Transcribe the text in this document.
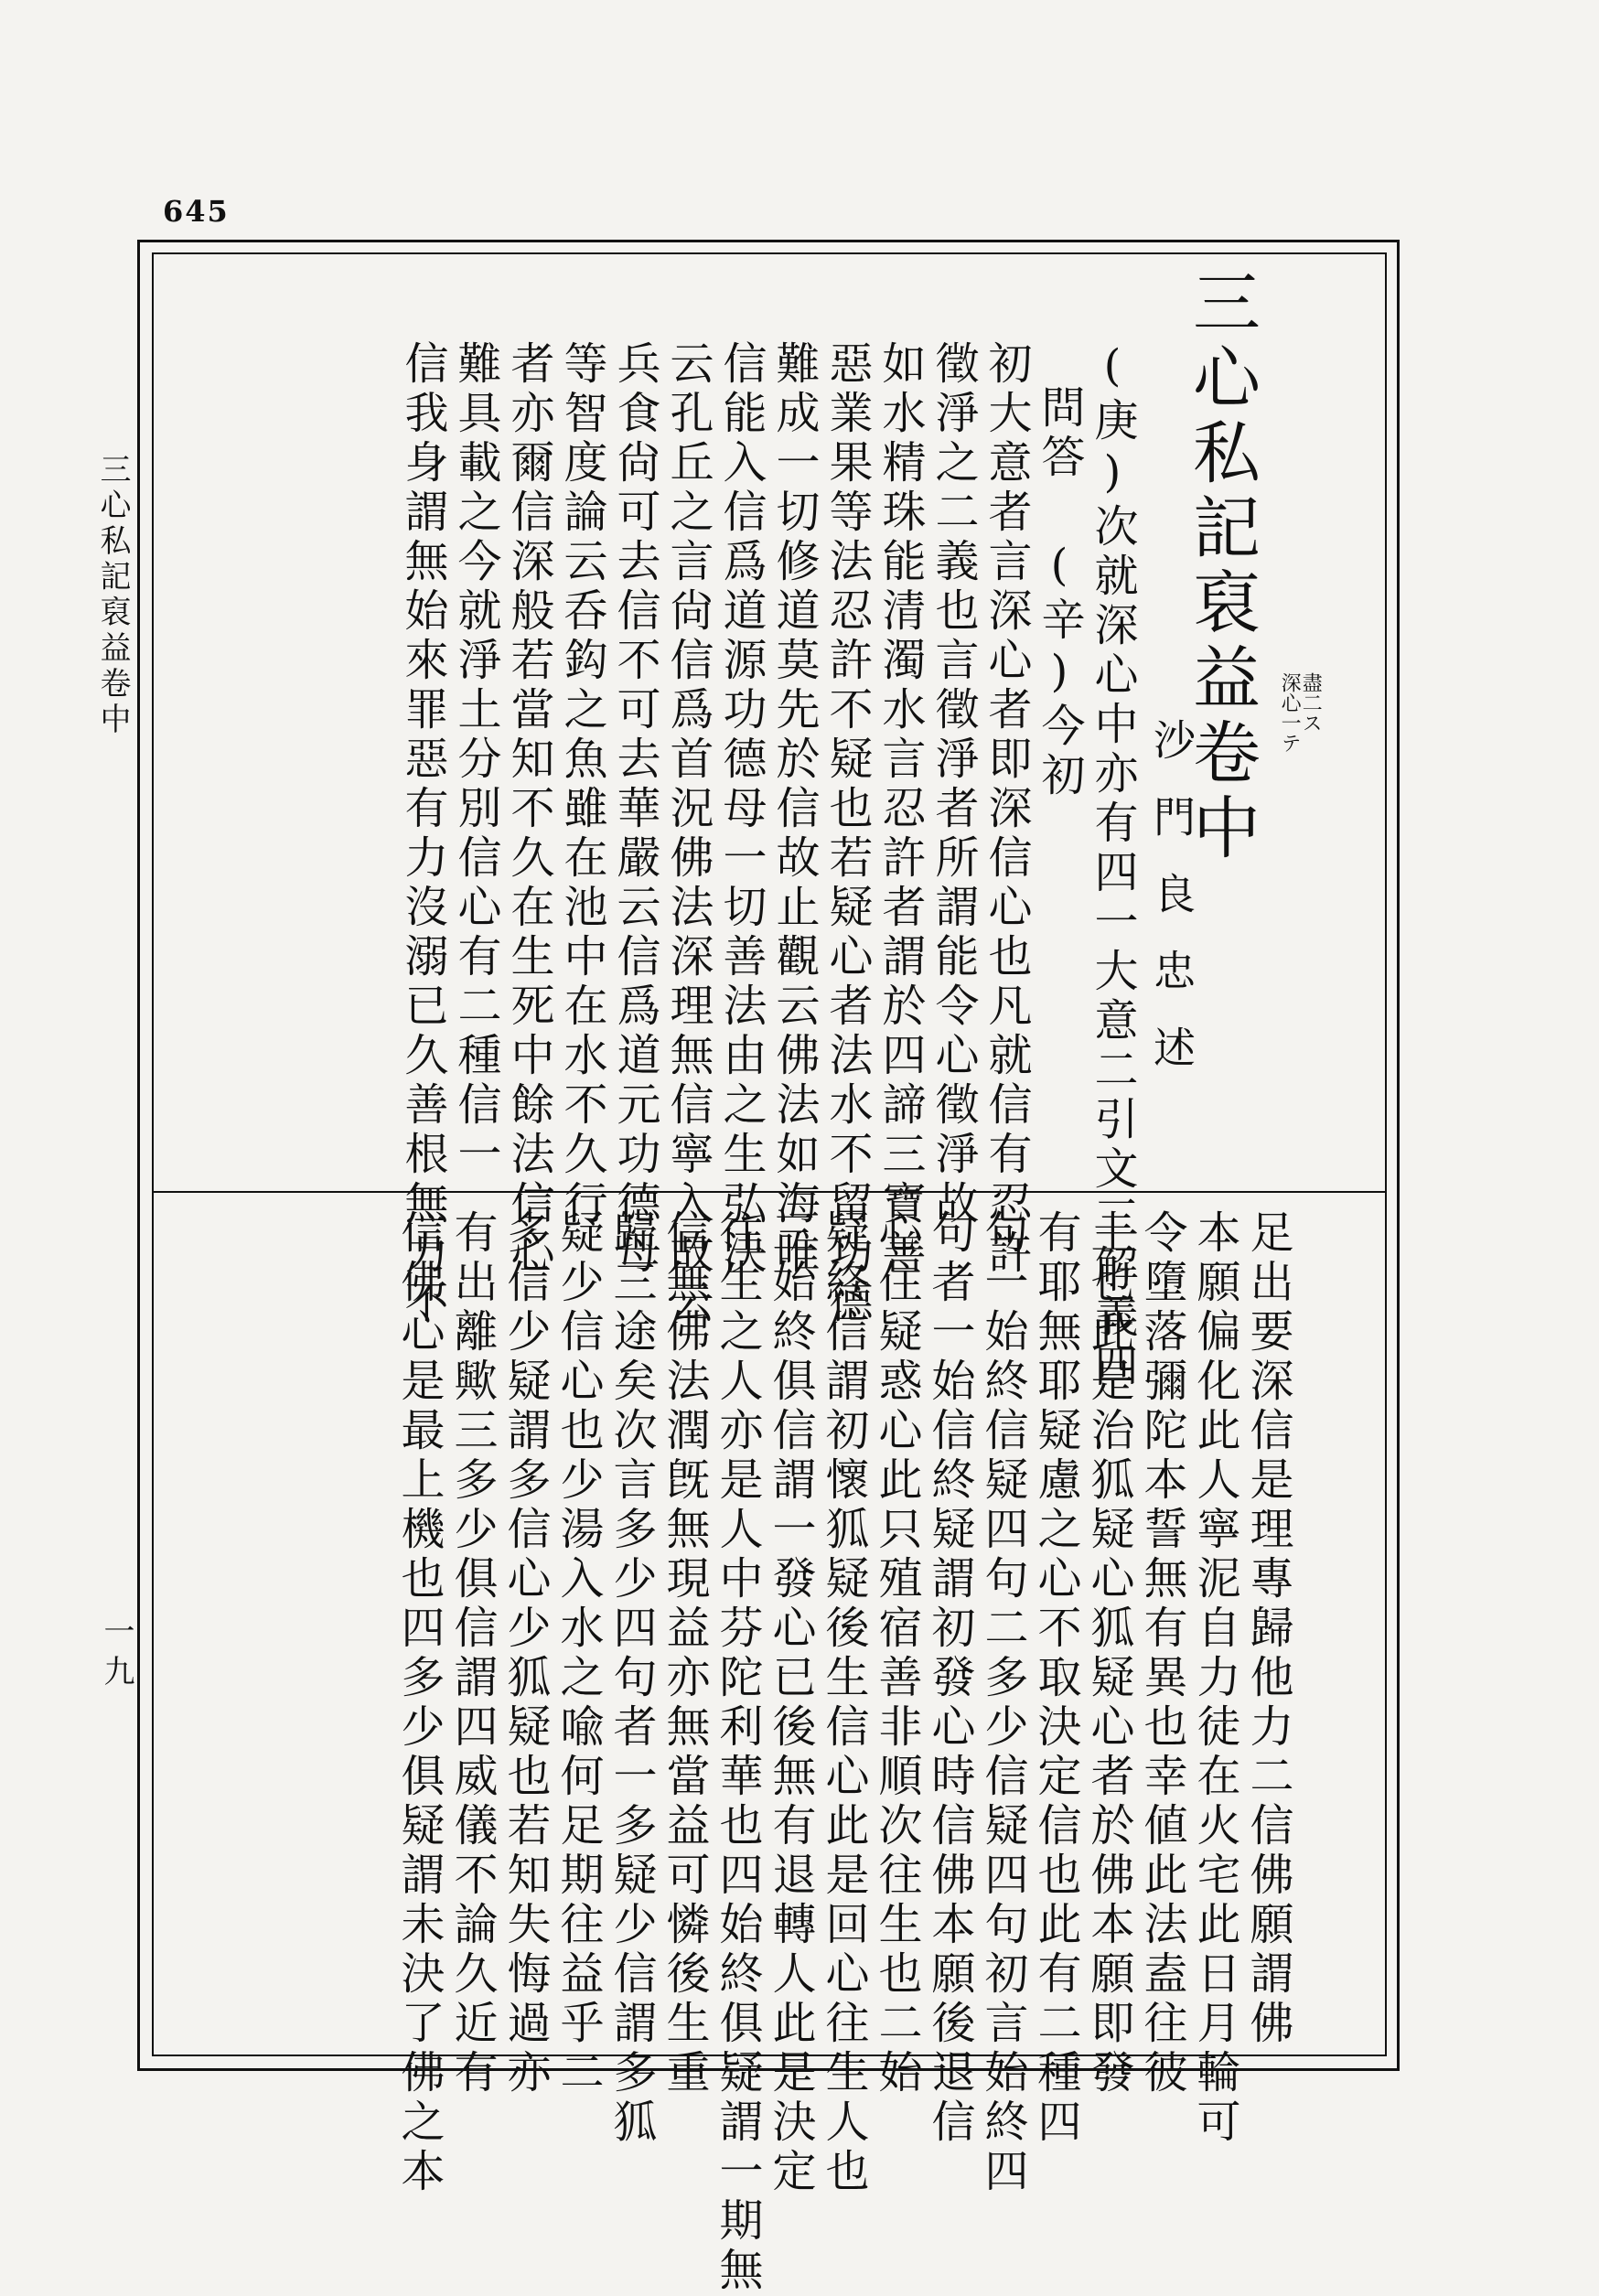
645
三心私記裒益卷中
一九
三心私記裒益卷中 盡二ス
深心一テ
沙門良忠述
(庚)次就深心中亦有四一大意二引文三解義四
問答 (辛)今初
初大意者言深心者即深信心也凡就信有忍許
徵淨之二義也言徵淨者所謂能令心徵淨故
如水精珠能清濁水言忍許者謂於四諦三寶善
惡業果等法忍許不疑也若疑心者法水不留功德
難成一切修道莫先於信故止觀云佛法如海唯
信能入信爲道源功德母一切善法由之生弘決
云孔丘之言尙信爲首況佛法深理無信寧入故云
兵食尙可去信不可去華嚴云信爲道元功德母
等智度論云呑鈎之魚雖在池中在水不久行
者亦爾信深般若當知不久在生死中餘法信心
難具載之今就淨土分別信心有二種信一
信我身謂無始來罪惡有力沒溺已久善根無力不
足出要深信是理專歸他力二信佛願謂佛
本願偏化此人寧泥自力徒在火宅此日月輪可
令墮落彌陀本誓無有異也幸値此法盍往彼
土也此是治狐疑心狐疑心者於佛本願即發
有耶無耶疑慮之心不取決定信也此有二種四
句一始終信疑四句二多少信疑四句初言始終四
句者一始信終疑謂初發心時信佛本願後退信
心住疑惑心此只殖宿善非順次往生也二始
疑終信謂初懷狐疑後生信心此是回心往生人也
三始終俱信謂一發心已後無有退轉人此是決定
往生之人亦是人中芬陀利華也四始終俱疑謂一期無
信無佛法潤旣無現益亦無當益可憐後生重
歸三途矣次言多少四句者一多疑少信謂多狐
疑少信心也少湯入水之喩何足期往益乎二
多信少疑謂多信心少狐疑也若知失悔過亦
有出離歟三多少俱信謂四威儀不論久近有
信佛心是最上機也四多少俱疑謂未決了佛之本
